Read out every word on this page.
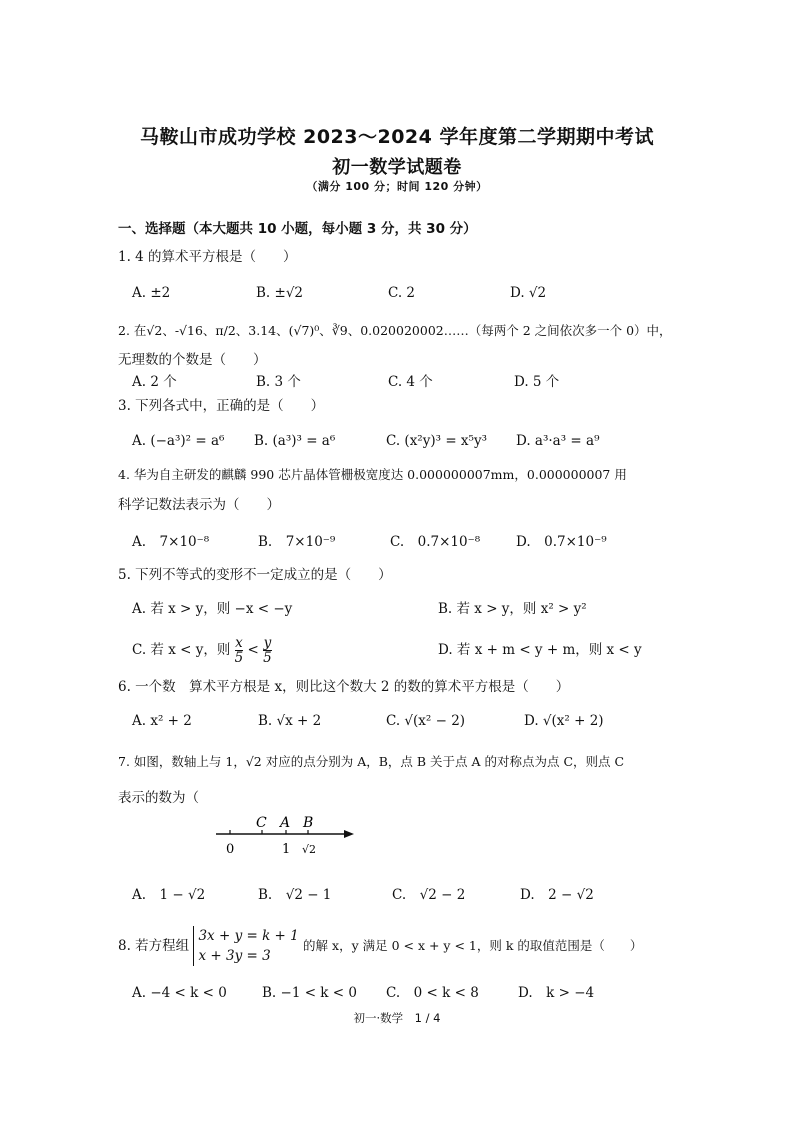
马鞍山市成功学校 2023～2024 学年度第二学期期中考试
初一数学试题卷
（满分 100 分；时间 120 分钟）
一、选择题（本大题共 10 小题，每小题 3 分，共 30 分）
1. 4 的算术平方根是（　　）
A. ±2	B. ±√2	C. 2	D. √2
2. 在√2、-√16、π/2、3.14、(√7)⁰、∛9、0.020020002……（每两个 2 之间依次多一个 0）中，
无理数的个数是（　　）
A. 2 个	B. 3 个	C. 4 个	D. 5 个
3. 下列各式中，正确的是（　　）
A. (−a³)² = a⁶ B. (a³)³ = a⁶	C. (x²y)³ = x⁵y³ D. a³·a³ = a⁹
4. 华为自主研发的麒麟 990 芯片晶体管栅极宽度达 0.000000007mm，0.000000007 用
科学记数法表示为（　　）
A.　7×10⁻⁸	B.　7×10⁻⁹	C.　0.7×10⁻⁸	D.　0.7×10⁻⁹
5. 下列不等式的变形不一定成立的是（　　）
A. 若 x > y，则 −x < −y	B. 若 x > y，则 x² > y²
C. 若 x < y，则 $\frac{x}{5} < \frac{y}{5}$	D. 若 x + m < y + m，则 x < y
6. 一个数　算术平方根是 x，则比这个数大 2 的数的算术平方根是（　　）
A. x² + 2	B. √x + 2	C. √(x² − 2)	D. √(x² + 2)
7. 如图，数轴上与 1，√2 对应的点分别为 A，B，点 B 关于点 A 的对称点为点 C，则点 C
表示的数为（
C A B
0	1 √2
A.　1 − √2	B.　√2 − 1	C.　√2 − 2	D.　2 − √2
8. 若方程组
3x + y = k + 1
x + 3y = 3
的解 x，y 满足 0 < x + y < 1，则 k 的取值范围是（　　）
A. −4 < k < 0	B. −1 < k < 0 C.　0 < k < 8	D.　k > −4
初一·数学　1 / 4
